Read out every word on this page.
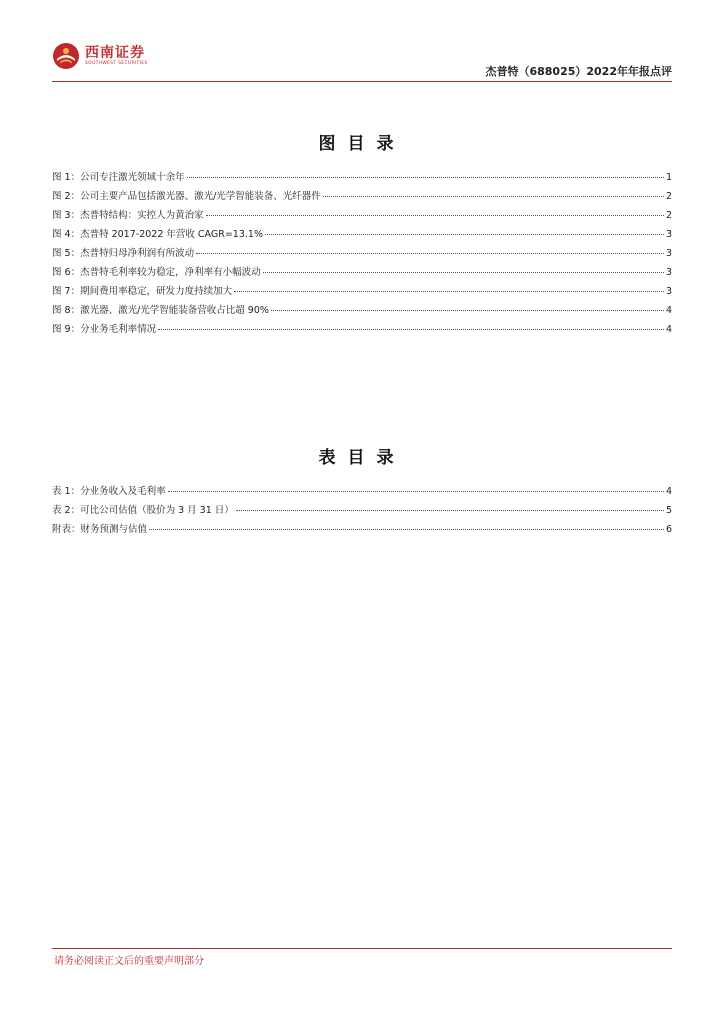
西南证券
SOUTHWEST SECURITIES
杰普特（688025）2022年年报点评
图目录
图 1：公司专注激光领域十余年	1
图 2：公司主要产品包括激光器、激光/光学智能装备、光纤器件	2
图 3：杰普特结构：实控人为黄治家	2
图 4：杰普特 2017-2022 年营收 CAGR=13.1%	3
图 5：杰普特归母净利润有所波动	3
图 6：杰普特毛利率较为稳定，净利率有小幅波动	3
图 7：期间费用率稳定，研发力度持续加大	3
图 8：激光器、激光/光学智能装备营收占比超 90%	4
图 9：分业务毛利率情况	4
表目录
表 1：分业务收入及毛利率	4
表 2：可比公司估值（股价为 3 月 31 日）	5
附表：财务预测与估值	6
请务必阅读正文后的重要声明部分
